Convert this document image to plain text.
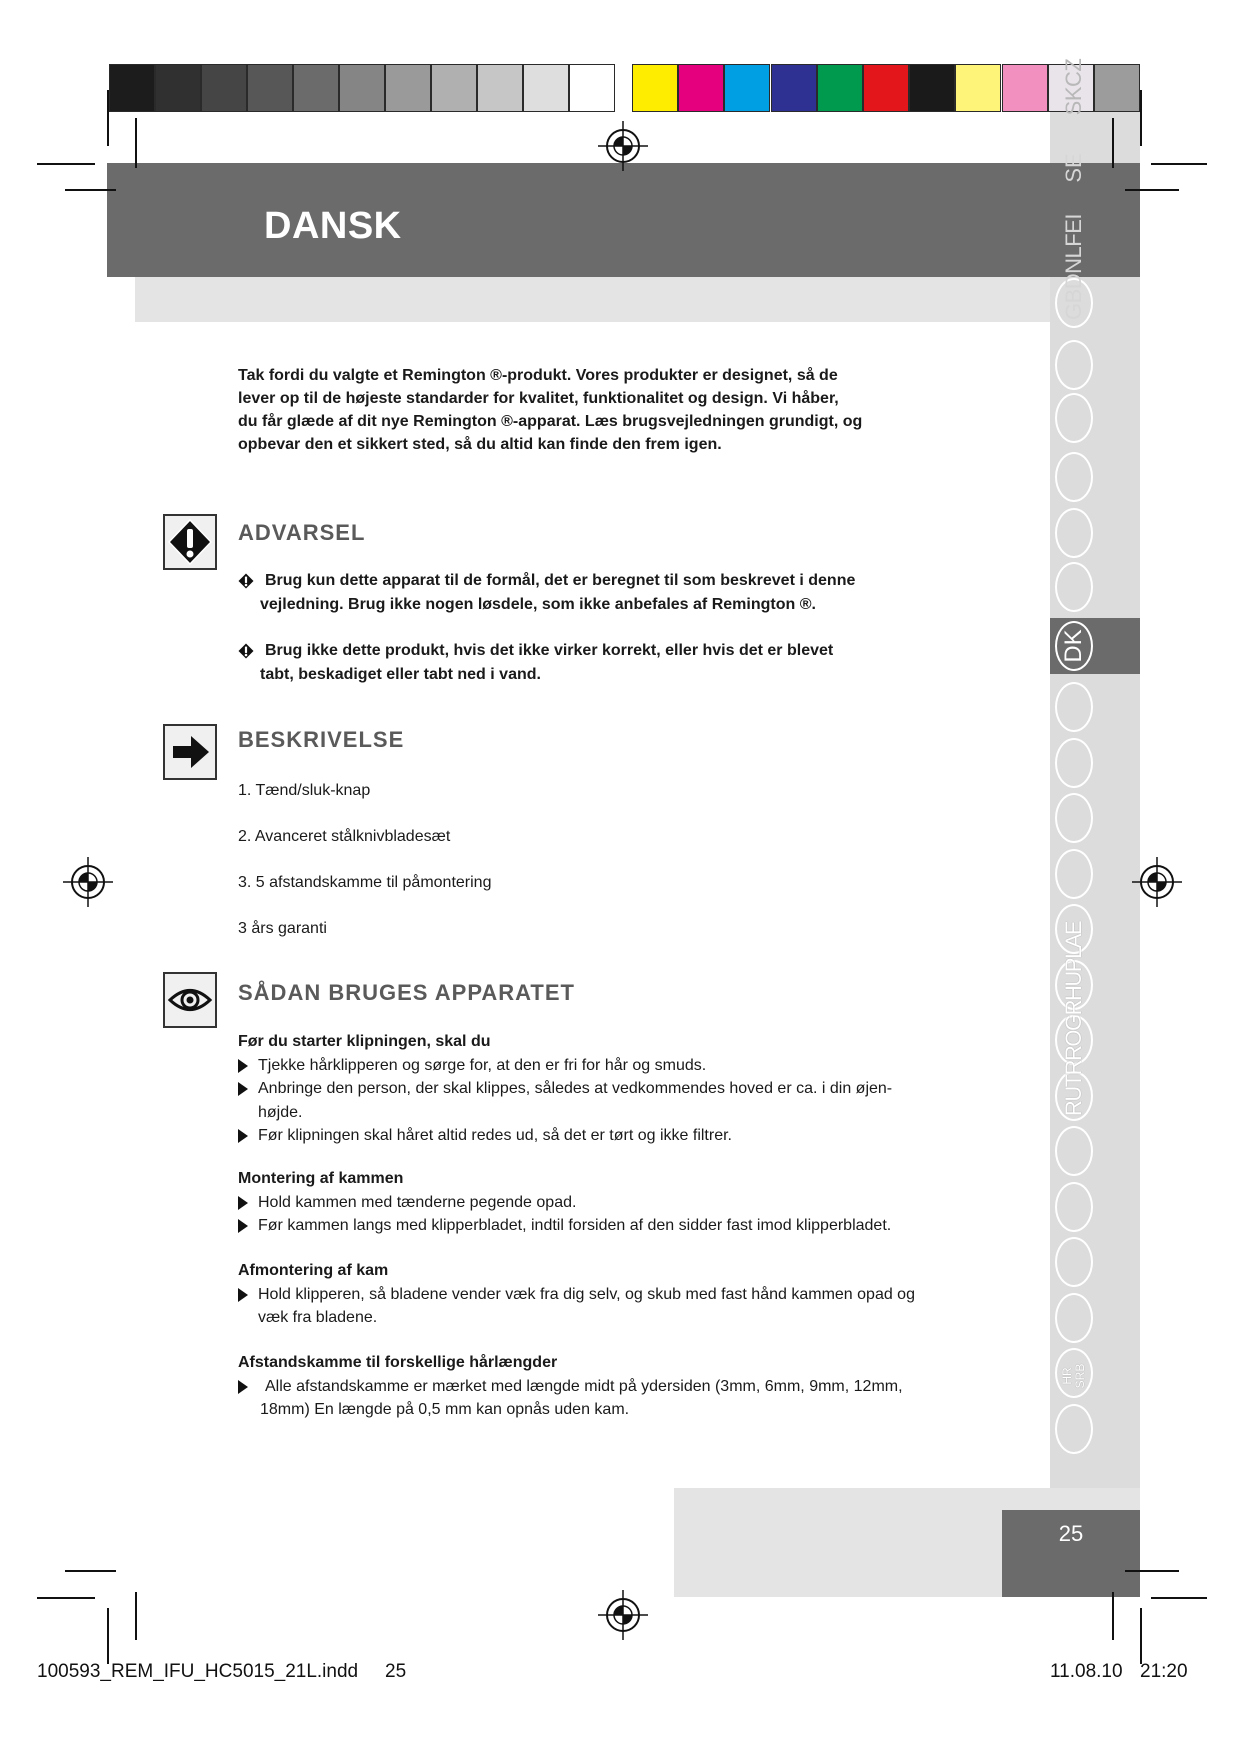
GBDNLFEI
SE
SKCZ
DK
RUTRROGRHUPLAE
HR SRB
DANSK
Tak fordi du valgte et Remington ®-produkt. Vores produkter er designet, så de
lever op til de højeste standarder for kvalitet, funktionalitet og design. Vi håber,
du får glæde af dit nye Remington ®-apparat. Læs brugsvejledningen grundigt, og
opbevar den et sikkert sted, så du altid kan finde den frem igen.
ADVARSEL
Brug kun dette apparat til de formål, det er beregnet til som beskrevet i denne
vejledning. Brug ikke nogen løsdele, som ikke anbefales af Remington ®.
Brug ikke dette produkt, hvis det ikke virker korrekt, eller hvis det er blevet
tabt, beskadiget eller tabt ned i vand.
BESKRIVELSE
1. Tænd/sluk-knap
2. Avanceret stålknivbladesæt
3. 5 afstandskamme til påmontering
3 års garanti
SÅDAN BRUGES APPARATET
Før du starter klipningen, skal du
Tjekke hårklipperen og sørge for, at den er fri for hår og smuds.
Anbringe den person, der skal klippes, således at vedkommendes hoved er ca. i din øjen-
højde.
Før klipningen skal håret altid redes ud, så det er tørt og ikke filtrer.
Montering af kammen
Hold kammen med tænderne pegende opad.
Før kammen langs med klipperbladet, indtil forsiden af den sidder fast imod klipperbladet.
Afmontering af kam
Hold klipperen, så bladene vender væk fra dig selv, og skub med fast hånd kammen opad og
væk fra bladene.
Afstandskamme til forskellige hårlængder
Alle afstandskamme er mærket med længde midt på ydersiden (3mm, 6mm, 9mm, 12mm,
18mm) En længde på 0,5 mm kan opnås uden kam.
25
100593_REM_IFU_HC5015_21L.indd 25	11.08.10 21:20
